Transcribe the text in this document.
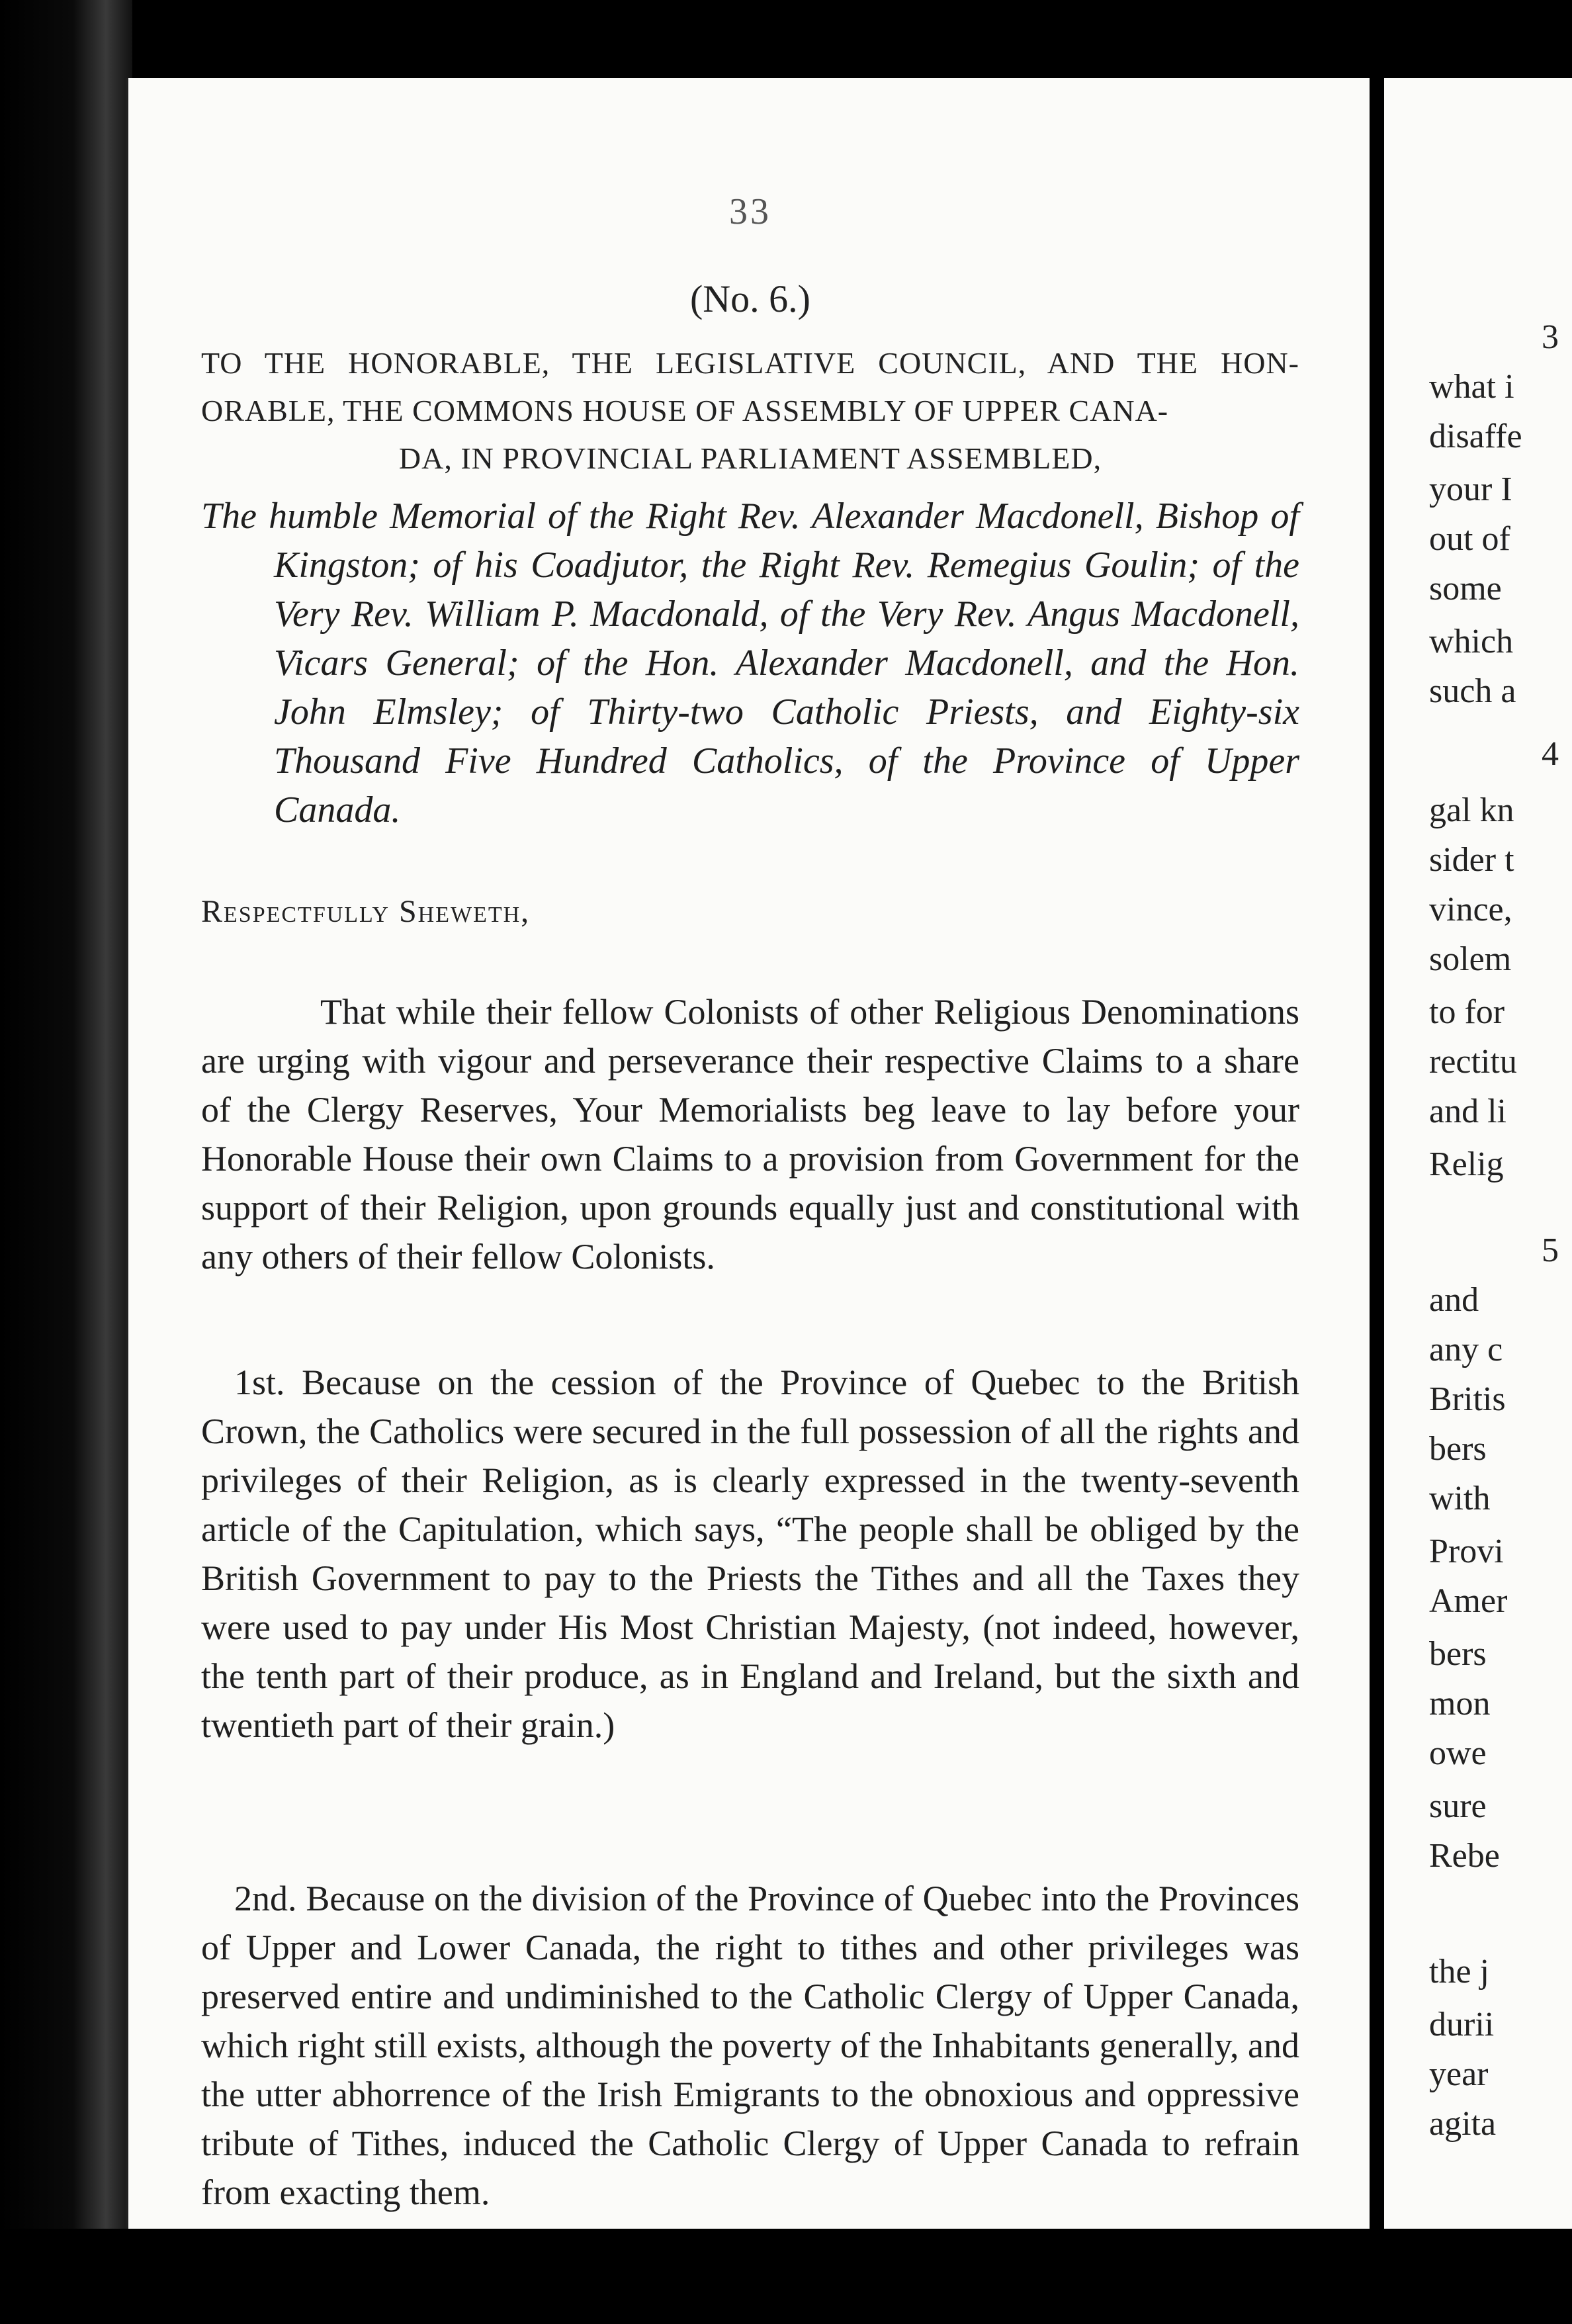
33
(No. 6.)
TO THE HONORABLE, THE LEGISLATIVE COUNCIL, AND THE HON- ORABLE, THE COMMONS HOUSE OF ASSEMBLY OF UPPER CANA-
DA, IN PROVINCIAL PARLIAMENT ASSEMBLED,
The humble Memorial of the Right Rev. Alexander Macdonell, Bishop of Kingston; of his Coadjutor, the Right Rev. Remegius Goulin; of the Very Rev. William P. Macdonald, of the Very Rev. Angus Macdonell, Vicars General; of the Hon. Alexander Macdonell, and the Hon. John Elmsley; of Thirty-two Catholic Priests, and Eighty-six Thousand Five Hundred Catholics, of the Province of Upper Canada.
Respectfully Sheweth,

That while their fellow Colonists of other Religious Denominations are urging with vigour and perseverance their respective Claims to a share of the Clergy Reserves, Your Memorialists beg leave to lay before your Honorable House their own Claims to a provision from Government for the support of their Religion, upon grounds equally just and constitutional with any others of their fellow Colonists.

1st. Because on the cession of the Province of Quebec to the British Crown, the Catholics were secured in the full possession of all the rights and privileges of their Religion, as is clearly expressed in the twenty-seventh article of the Capitulation, which says, “The people shall be obliged by the British Government to pay to the Priests the Tithes and all the Taxes they were used to pay under His Most Christian Majesty, (not indeed, however, the tenth part of their produce, as in England and Ireland, but the sixth and twentieth part of their grain.)

2nd. Because on the division of the Province of Quebec into the Provinces of Upper and Lower Canada, the right to tithes and other privileges was preserved entire and undiminished to the Catholic Clergy of Upper Canada, which right still exists, although the poverty of the Inhabitants generally, and the utter abhorrence of the Irish Emigrants to the obnoxious and oppressive tribute of Tithes, induced the Catholic Clergy of Upper Canada to refrain from exacting them.

3
what i
disaffe
your I
out of
some
which
such a
4
gal kn
sider t
vince,
solem
to for
rectitu
and li
Relig
5
and
any c
Britis
bers
with
Provi
Amer
bers
mon
owe
sure
Rebe
the j
durii
year
agita
